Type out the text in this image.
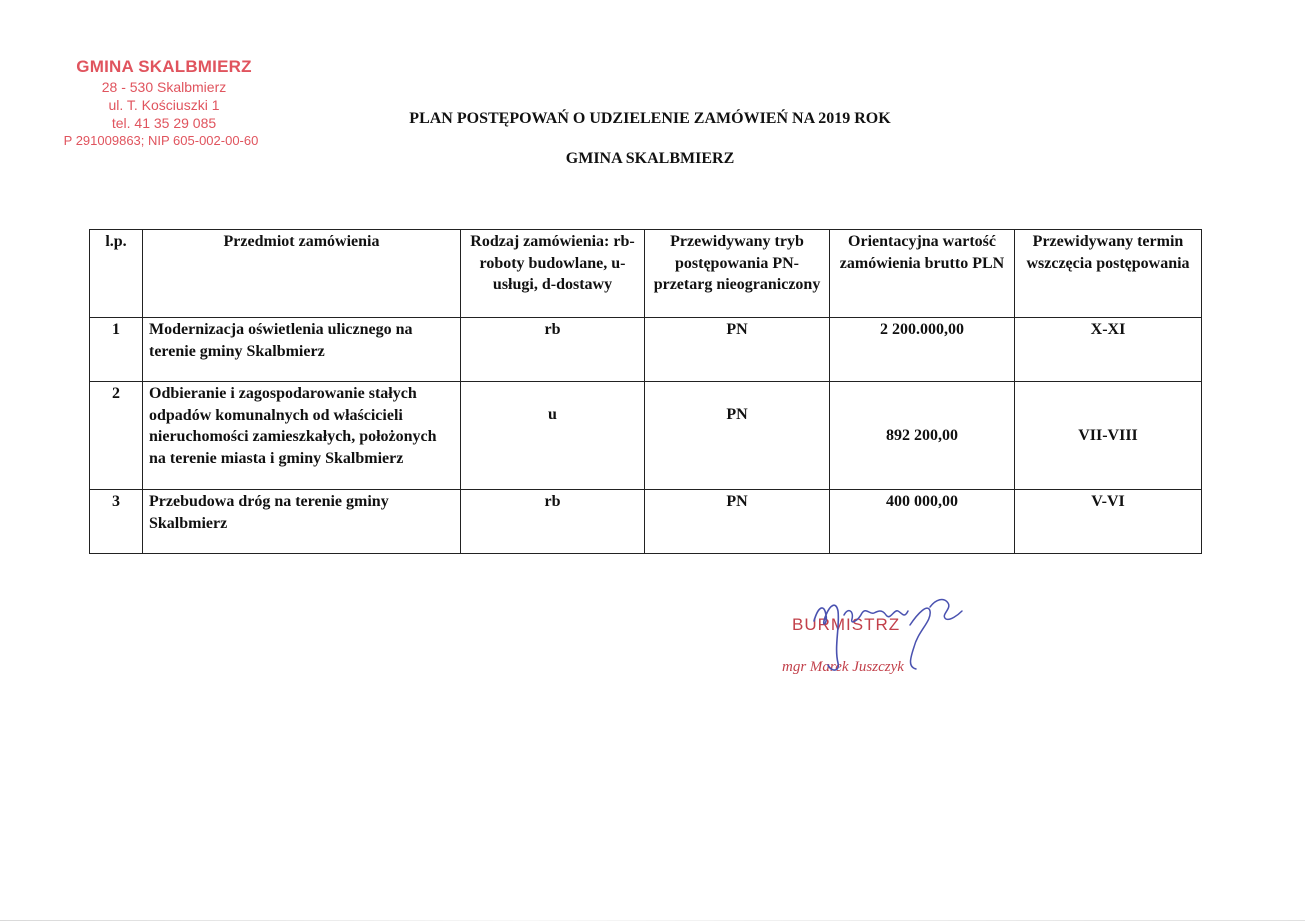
GMINA SKALBMIERZ
28 - 530 Skalbmierz
ul. T. Kościuszki 1
tel. 41 35 29 085
P 291009863; NIP 605-002-00-60
PLAN POSTĘPOWAŃ O UDZIELENIE ZAMÓWIEŃ NA 2019 ROK
GMINA SKALBMIERZ
l.p.	Przedmiot zamówienia	Rodzaj zamówienia: rb-roboty budowlane, u-usługi, d-dostawy	Przewidywany tryb postępowania PN-przetarg nieograniczony	Orientacyjna wartość zamówienia brutto PLN	Przewidywany termin wszczęcia postępowania

1	Modernizacja oświetlenia ulicznego na terenie gminy Skalbmierz	rb	PN	2 200.000,00	X-XI
2	Odbieranie i zagospodarowanie stałych odpadów komunalnych od właścicieli nieruchomości zamieszkałych, położonych na terenie miasta i gminy Skalbmierz	u	PN	892 200,00	VII-VIII
3	Przebudowa dróg na terenie gminy Skalbmierz	rb	PN	400 000,00	V-VI
BURMISTRZ
mgr Marek Juszczyk
